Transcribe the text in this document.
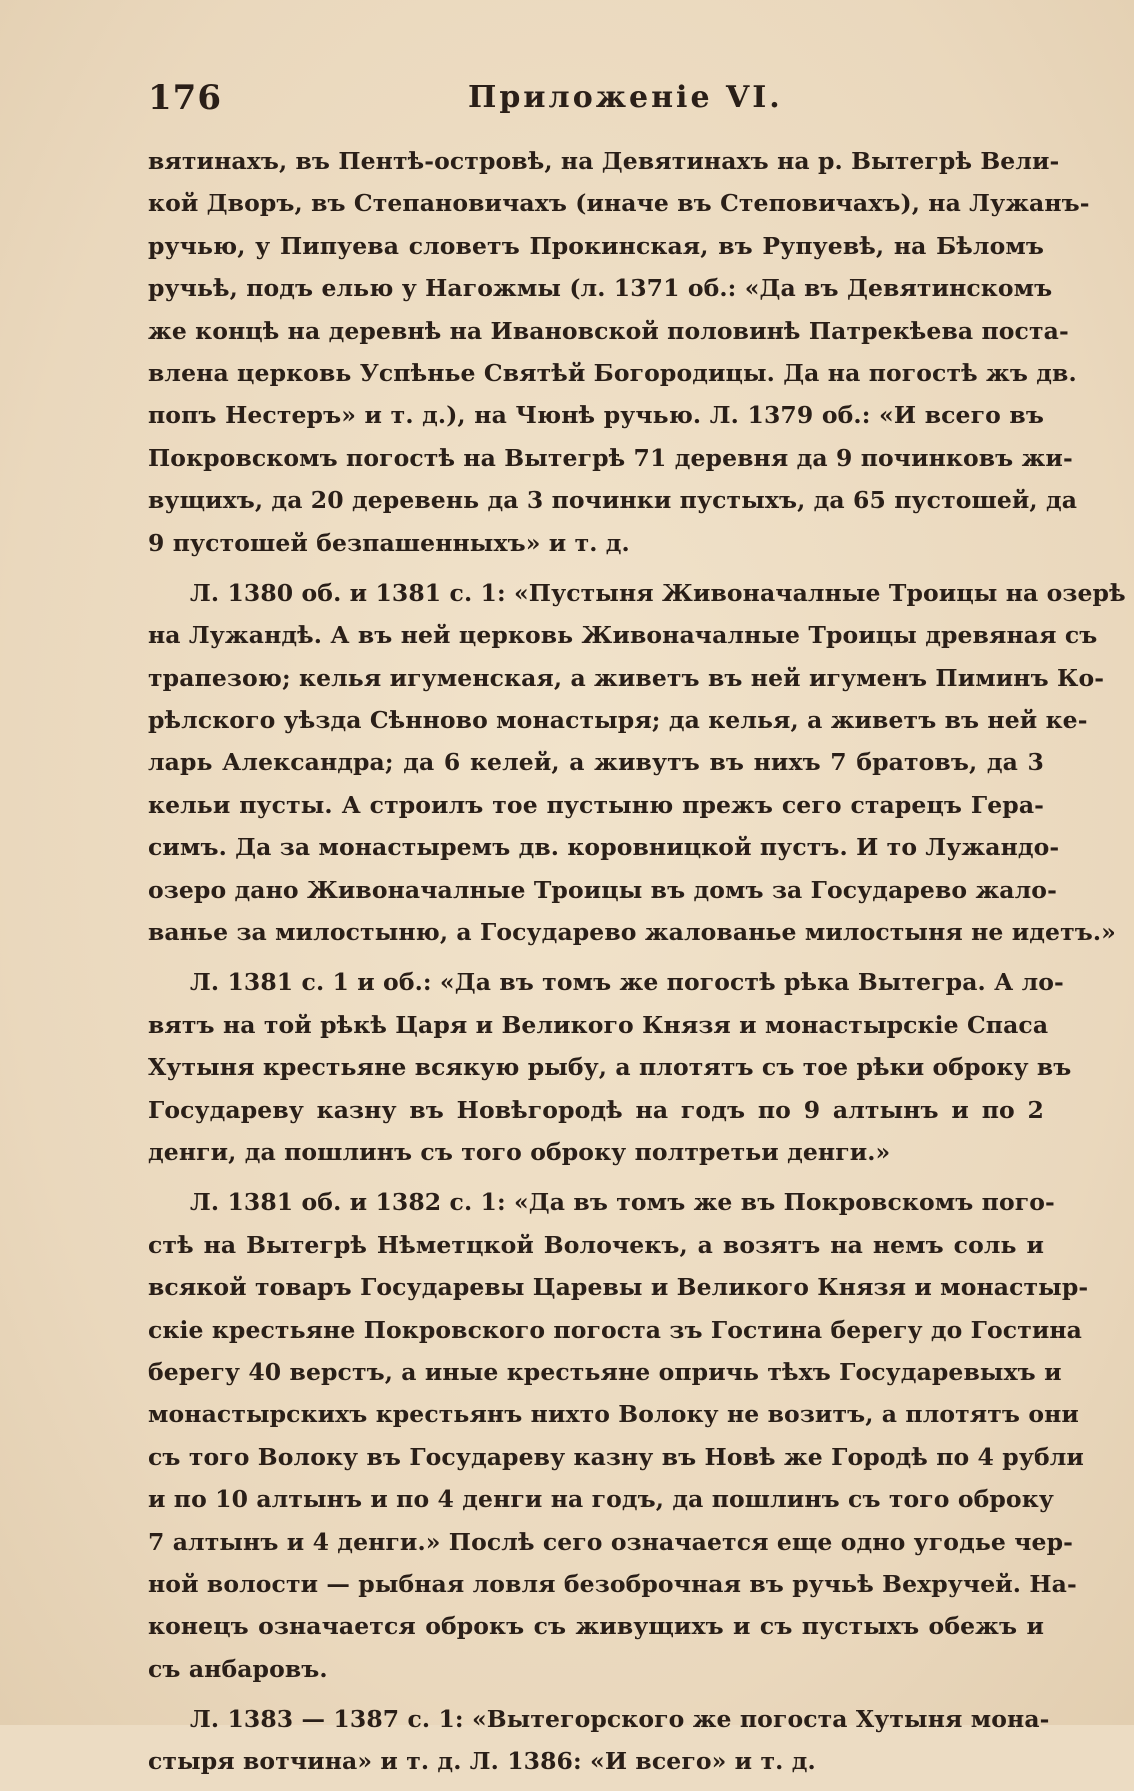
176	Приложеніе VI.
вятинахъ, въ Пентѣ-островѣ, на Девятинахъ на р. Вытегрѣ Вели-
кой Дворъ, въ Степановичахъ (иначе въ Степовичахъ), на Лужанъ-
ручью, у Пипуева словетъ Прокинская, въ Рупуевѣ, на Бѣломъ
ручьѣ, подъ елью у Нагожмы (л. 1371 об.: «Да въ Девятинскомъ
же концѣ на деревнѣ на Ивановской половинѣ Патрекѣева поста-
влена церковь Успѣнье Святѣй Богородицы. Да на погостѣ жъ дв.
попъ Нестеръ» и т. д.), на Чюнѣ ручью. Л. 1379 об.: «И всего въ
Покровскомъ погостѣ на Вытегрѣ 71 деревня да 9 починковъ жи-
вущихъ, да 20 деревень да 3 починки пустыхъ, да 65 пустошей, да
9 пустошей безпашенныхъ» и т. д.
Л. 1380 об. и 1381 с. 1: «Пустыня Живоначалные Троицы на озерѣ
на Лужандѣ. А въ ней церковь Живоначалные Троицы древяная съ
трапезою; келья игуменская, а живетъ въ ней игуменъ Пиминъ Ко-
рѣлского уѣзда Сѣнново монастыря; да келья, а живетъ въ ней ке-
ларь Александра; да 6 келей, а живутъ въ нихъ 7 братовъ, да 3
кельи пусты. А строилъ тое пустыню прежъ сего старецъ Гера-
симъ. Да за монастыремъ дв. коровницкой пустъ. И то Лужандо-
озеро дано Живоначалные Троицы въ домъ за Государево жало-
ванье за милостыню, а Государево жалованье милостыня не идетъ.»
Л. 1381 с. 1 и об.: «Да въ томъ же погостѣ рѣка Вытегра. А ло-
вятъ на той рѣкѣ Царя и Великого Князя и монастырскіе Спаса
Хутыня крестьяне всякую рыбу, а плотятъ съ тое рѣки оброку въ
Государеву казну въ Новѣгородѣ на годъ по 9 алтынъ и по 2
денги, да пошлинъ съ того оброку полтретьи денги.»
Л. 1381 об. и 1382 с. 1: «Да въ томъ же въ Покровскомъ пого-
стѣ на Вытегрѣ Нѣметцкой Волочекъ, а возятъ на немъ соль и
всякой товаръ Государевы Царевы и Великого Князя и монастыр-
скіе крестьяне Покровского погоста зъ Гостина берегу до Гостина
берегу 40 верстъ, а иные крестьяне опричь тѣхъ Государевыхъ и
монастырскихъ крестьянъ нихто Волоку не возитъ, а плотятъ они
съ того Волоку въ Государеву казну въ Новѣ же Городѣ по 4 рубли
и по 10 алтынъ и по 4 денги на годъ, да пошлинъ съ того оброку
7 алтынъ и 4 денги.» Послѣ сего означается еще одно угодье чер-
ной волости — рыбная ловля безоброчная въ ручьѣ Вехручей. На-
конецъ означается оброкъ съ живущихъ и съ пустыхъ обежъ и
съ анбаровъ.
Л. 1383 — 1387 с. 1: «Вытегорского же погоста Хутыня мона-
стыря вотчина» и т. д. Л. 1386: «И всего» и т. д.
